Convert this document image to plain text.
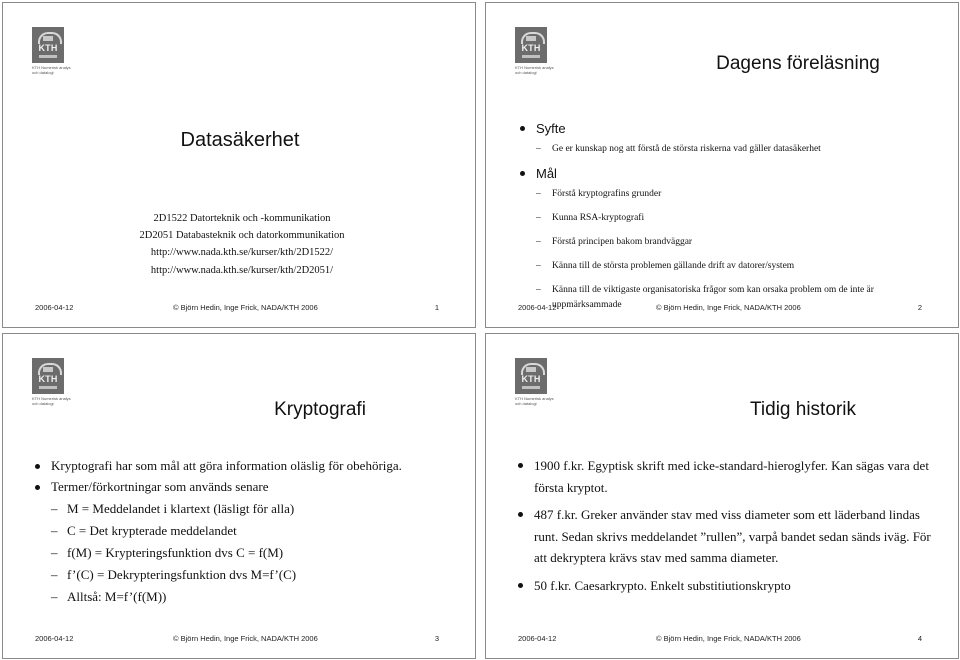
KTH
KTH Numerisk analys
och datalogi
Datasäkerhet
2D1522 Datorteknik och -kommunikation
2D2051 Databasteknik och datorkommunikation
http://www.nada.kth.se/kurser/kth/2D1522/
http://www.nada.kth.se/kurser/kth/2D2051/
2006-04-12	© Björn Hedin, Inge Frick, NADA/KTH 2006	1
KTH
KTH Numerisk analys
och datalogi	Dagens föreläsning
Syfte
– Ge er kunskap nog att förstå de största riskerna vad gäller datasäkerhet
Mål
– Förstå kryptografins grunder
– Kunna RSA-kryptografi
– Förstå principen bakom brandväggar
– Känna till de största problemen gällande drift av datorer/system
– Känna till de viktigaste organisatoriska frågor som kan orsaka problem om de inte är uppmärksammade
2006-04-12	© Björn Hedin, Inge Frick, NADA/KTH 2006	2
KTH
KTH Numerisk analys
och datalogi	Kryptografi
Kryptografi har som mål att göra information oläslig för obehöriga.
Termer/förkortningar som används senare
– M = Meddelandet i klartext (läsligt för alla)
– C = Det krypterade meddelandet
– f(M) = Krypteringsfunktion dvs C = f(M)
– f’(C) = Dekrypteringsfunktion dvs M=f’(C)
– Alltså: M=f’(f(M))
2006-04-12	© Björn Hedin, Inge Frick, NADA/KTH 2006	3
KTH
KTH Numerisk analys
och datalogi	Tidig historik
1900 f.kr. Egyptisk skrift med icke-standard-hieroglyfer. Kan sägas vara det första kryptot.
487 f.kr. Greker använder stav med viss diameter som ett läderband lindas runt. Sedan skrivs meddelandet ”rullen”, varpå bandet sedan sänds iväg. För att dekryptera krävs stav med samma diameter.
50 f.kr. Caesarkrypto. Enkelt substitiutionskrypto
2006-04-12	© Björn Hedin, Inge Frick, NADA/KTH 2006	4
